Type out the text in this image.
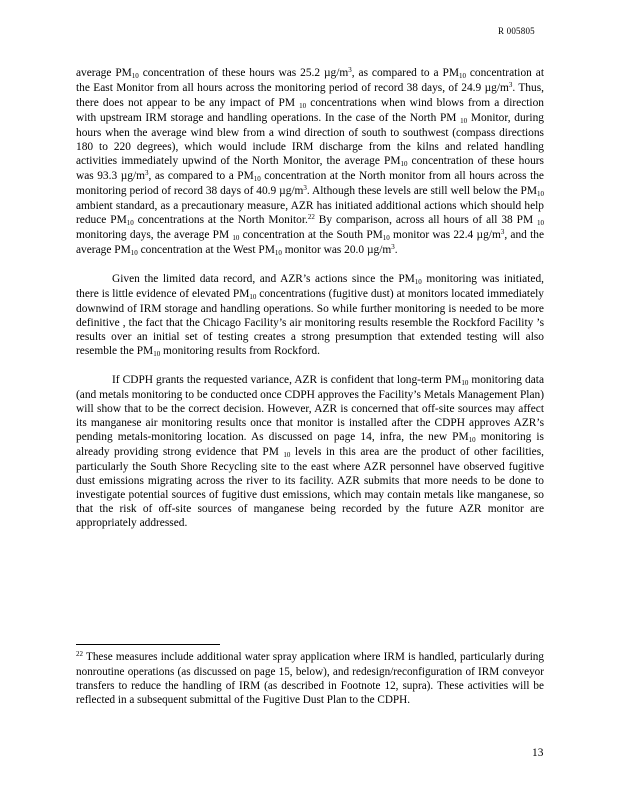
R 005805

average $PM_{10}$ concentration of these hours was 25.2 $\mu g/m^3$, as compared to a $PM_{10}$ concentration at the East Monitor from all hours across the monitoring period of record 38 days, of 24.9 $\mu g/m^3$. Thus, there does not appear to be any impact of PM $_{10}$ concentrations when wind blows from a direction with upstream IRM storage and handling operations. In the case of the North PM $_{10}$ Monitor, during hours when the average wind blew from a wind direction of south to southwest (compass directions 180 to 220 degrees), which would include IRM discharge from the kilns and related handling activities immediately upwind of the North Monitor, the average $PM_{10}$ concentration of these hours was 93.3 $\mu g/m^3$, as compared to a $PM_{10}$ concentration at the North monitor from all hours across the monitoring period of record 38 days of 40.9 $\mu g/m^3$. Although these levels are still well below the $PM_{10}$ ambient standard, as a precautionary measure, AZR has initiated additional actions which should help reduce $PM_{10}$ concentrations at the North Monitor.$^{22}$ By comparison, across all hours of all 38 PM $_{10}$ monitoring days, the average PM $_{10}$ concentration at the South $PM_{10}$ monitor was 22.4 $\mu g/m^3$, and the average $PM_{10}$ concentration at the West $PM_{10}$ monitor was 20.0 $\mu g/m^3$.

Given the limited data record, and AZR’s actions since the $PM_{10}$ monitoring was initiated, there is little evidence of elevated $PM_{10}$ concentrations (fugitive dust) at monitors located immediately downwind of IRM storage and handling operations. So while further monitoring is needed to be more definitive , the fact that the Chicago Facility’s air monitoring results resemble the Rockford Facility ’s results over an initial set of testing creates a strong presumption that extended testing will also resemble the $PM_{10}$ monitoring results from Rockford.

If CDPH grants the requested variance, AZR is confident that long-term $PM_{10}$ monitoring data (and metals monitoring to be conducted once CDPH approves the Facility’s Metals Management Plan) will show that to be the correct decision. However, AZR is concerned that off-site sources may affect its manganese air monitoring results once that monitor is installed after the CDPH approves AZR’s pending metals-monitoring location. As discussed on page 14, infra, the new $PM_{10}$ monitoring is already providing strong evidence that PM $_{10}$ levels in this area are the product of other facilities, particularly the South Shore Recycling site to the east where AZR personnel have observed fugitive dust emissions migrating across the river to its facility. AZR submits that more needs to be done to investigate potential sources of fugitive dust emissions, which may contain metals like manganese, so that the risk of off-site sources of manganese being recorded by the future AZR monitor are appropriately addressed.

$^{22}$ These measures include additional water spray application where IRM is handled, particularly during nonroutine operations (as discussed on page 15, below), and redesign/reconfiguration of IRM conveyor transfers to reduce the handling of IRM (as described in Footnote 12, supra). These activities will be reflected in a subsequent submittal of the Fugitive Dust Plan to the CDPH.
13
